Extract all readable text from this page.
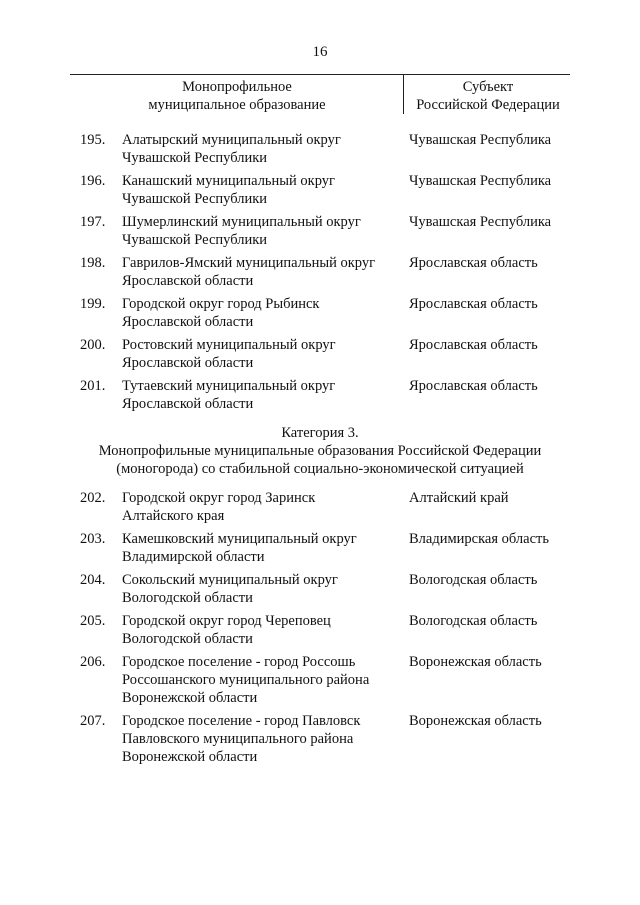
16
Монопрофильное
муниципальное образование
Субъект
Российской Федерации
195. Алатырский муниципальный округ
Чувашской Республики
Чувашская Республика
196. Канашский муниципальный округ
Чувашской Республики
Чувашская Республика
197. Шумерлинский муниципальный округ
Чувашской Республики
Чувашская Республика
198. Гаврилов-Ямский муниципальный округ
Ярославской области
Ярославская область
199. Городской округ город Рыбинск
Ярославской области
Ярославская область
200. Ростовский муниципальный округ
Ярославской области
Ярославская область
201. Тутаевский муниципальный округ
Ярославской области
Ярославская область
Категория 3.
Монопрофильные муниципальные образования Российской Федерации
(моногорода) со стабильной социально-экономической ситуацией
202. Городской округ город Заринск
Алтайского края
Алтайский край
203. Камешковский муниципальный округ
Владимирской области
Владимирская область
204. Сокольский муниципальный округ
Вологодской области
Вологодская область
205. Городской округ город Череповец
Вологодской области
Вологодская область
206. Городское поселение - город Россошь
Россошанского муниципального района
Воронежской области
Воронежская область
207. Городское поселение - город Павловск
Павловского муниципального района
Воронежской области
Воронежская область
